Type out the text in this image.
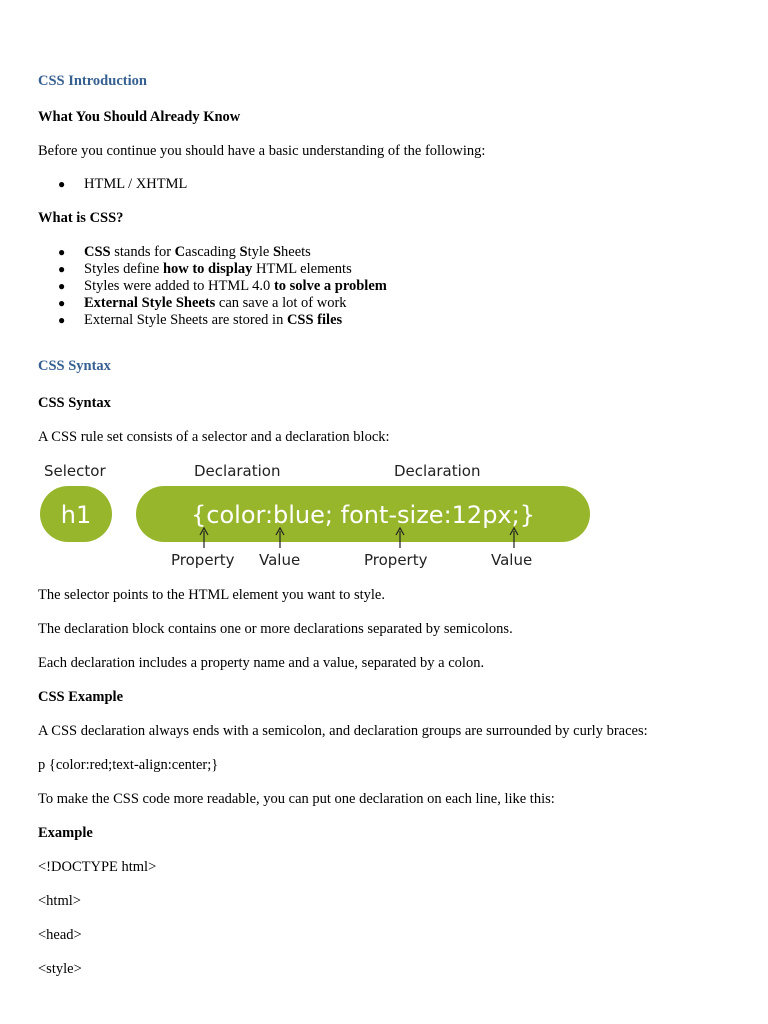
CSS Introduction
What You Should Already Know
Before you continue you should have a basic understanding of the following:
● HTML / XHTML
What is CSS?
● CSS stands for Cascading Style Sheets
● Styles define how to display HTML elements
● Styles were added to HTML 4.0 to solve a problem
● External Style Sheets can save a lot of work
● External Style Sheets are stored in CSS files
CSS Syntax
CSS Syntax
A CSS rule set consists of a selector and a declaration block:
Selector	Declaration	Declaration
h1	{color:blue; font-size:12px;}
Property Value	Property	Value
The selector points to the HTML element you want to style.
The declaration block contains one or more declarations separated by semicolons.
Each declaration includes a property name and a value, separated by a colon.
CSS Example
A CSS declaration always ends with a semicolon, and declaration groups are surrounded by curly braces:
p {color:red;text-align:center;}
To make the CSS code more readable, you can put one declaration on each line, like this:
Example
<!DOCTYPE html>
<html>
<head>
<style>
